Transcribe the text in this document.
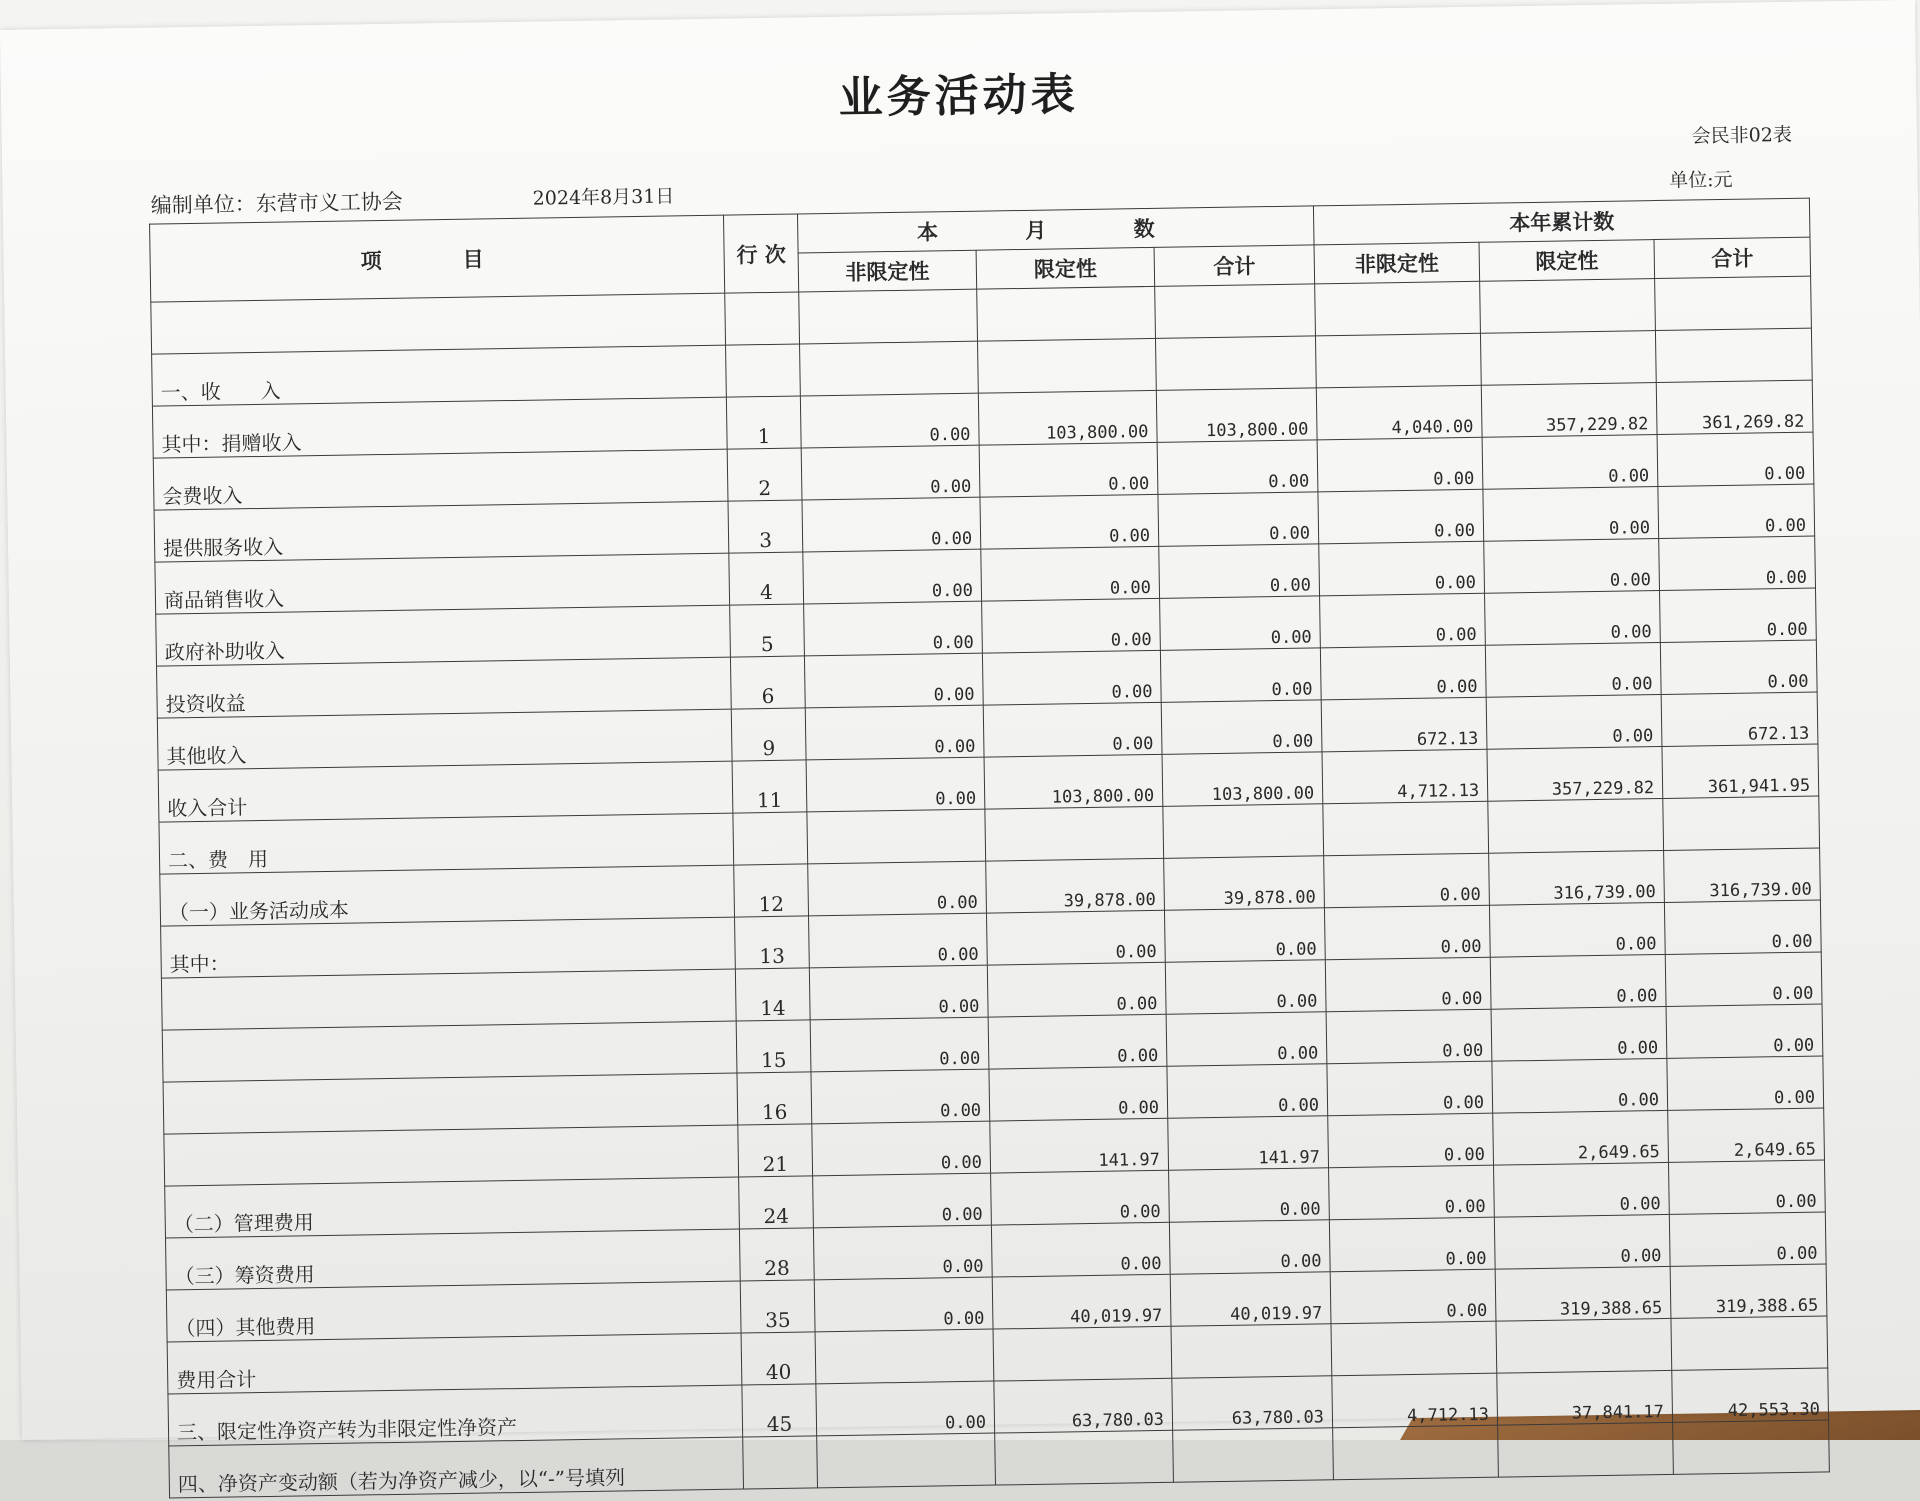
业务活动表
会民非02表
编制单位：东营市义工协会	2024年8月31日
单位:元
项　目	行 次	本 月 数			本年累计数		
		非限定性	限定性	合计	非限定性	限定性	合计

一、收　　入							
其中：捐赠收入	1	0.00	103,800.00	103,800.00	4,040.00	357,229.82	361,269.82
会费收入	2	0.00	0.00	0.00	0.00	0.00	0.00
提供服务收入	3	0.00	0.00	0.00	0.00	0.00	0.00
商品销售收入	4	0.00	0.00	0.00	0.00	0.00	0.00
政府补助收入	5	0.00	0.00	0.00	0.00	0.00	0.00
投资收益	6	0.00	0.00	0.00	0.00	0.00	0.00
其他收入	9	0.00	0.00	0.00	672.13	0.00	672.13
收入合计	11	0.00	103,800.00	103,800.00	4,712.13	357,229.82	361,941.95
二、费　用							
（一）业务活动成本	12	0.00	39,878.00	39,878.00	0.00	316,739.00	316,739.00
其中：	13	0.00	0.00	0.00	0.00	0.00	0.00
	14	0.00	0.00	0.00	0.00	0.00	0.00
	15	0.00	0.00	0.00	0.00	0.00	0.00
	16	0.00	0.00	0.00	0.00	0.00	0.00
	21	0.00	141.97	141.97	0.00	2,649.65	2,649.65
（二）管理费用	24	0.00	0.00	0.00	0.00	0.00	0.00
（三）筹资费用	28	0.00	0.00	0.00	0.00	0.00	0.00
（四）其他费用	35	0.00	40,019.97	40,019.97	0.00	319,388.65	319,388.65
费用合计	40						
三、限定性净资产转为非限定性净资产	45	0.00	63,780.03	63,780.03	4,712.13	37,841.17	42,553.30
四、净资产变动额（若为净资产减少，以“-”号填列							
